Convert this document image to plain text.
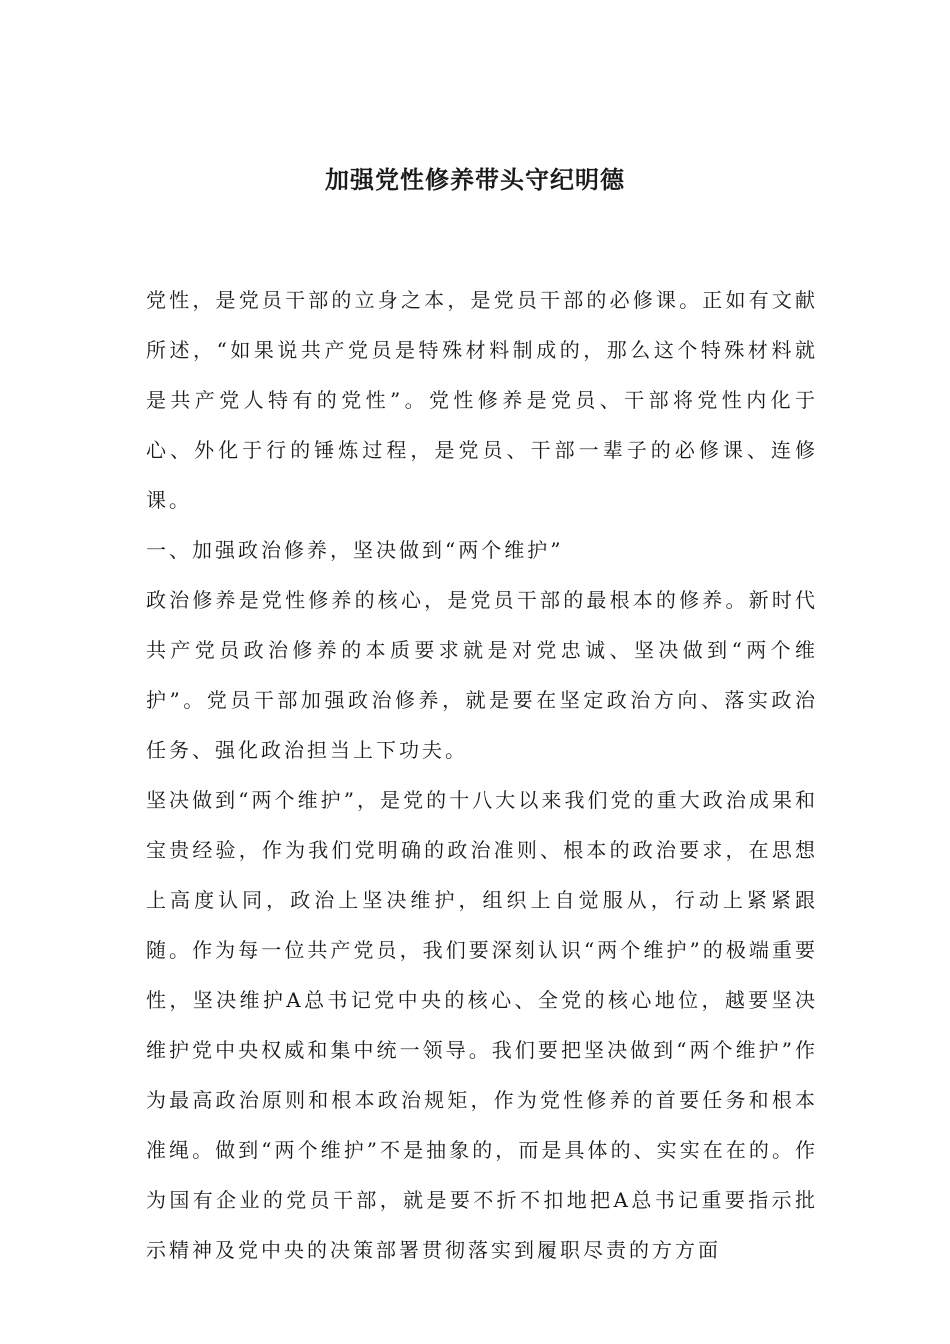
加强党性修养带头守纪明德

党性，是党员干部的立身之本，是党员干部的必修课。正如有文献所述，“如果说共产党员是特殊材料制成的，那么这个特殊材料就是共产党人特有的党性”。党性修养是党员、干部将党性内化于心、外化于行的锤炼过程，是党员、干部一辈子的必修课、连修课。

一、加强政治修养，坚决做到“两个维护”

政治修养是党性修养的核心，是党员干部的最根本的修养。新时代共产党员政治修养的本质要求就是对党忠诚、坚决做到“两个维护”。党员干部加强政治修养，就是要在坚定政治方向、落实政治任务、强化政治担当上下功夫。

坚决做到“两个维护”，是党的十八大以来我们党的重大政治成果和宝贵经验，作为我们党明确的政治准则、根本的政治要求，在思想上高度认同，政治上坚决维护，组织上自觉服从，行动上紧紧跟随。作为每一位共产党员，我们要深刻认识“两个维护”的极端重要性，坚决维护A总书记党中央的核心、全党的核心地位，越要坚决维护党中央权威和集中统一领导。我们要把坚决做到“两个维护”作为最高政治原则和根本政治规矩，作为党性修养的首要任务和根本准绳。做到“两个维护”不是抽象的，而是具体的、实实在在的。作为国有企业的党员干部，就是要不折不扣地把A总书记重要指示批示精神及党中央的决策部署贯彻落实到履职尽责的方方面
